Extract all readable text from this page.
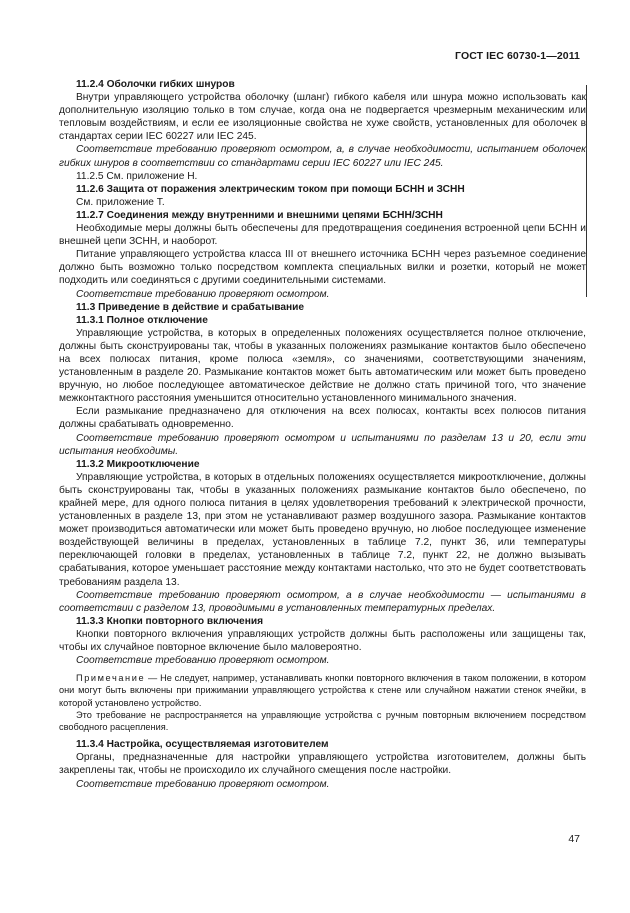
ГОСТ IEC 60730-1—2011

11.2.4 Оболочки гибких шнуров

Внутри управляющего устройства оболочку (шланг) гибкого кабеля или шнура можно использовать как дополнительную изоляцию только в том случае, когда она не подвергается чрезмерным механическим или тепловым воздействиям, и если ее изоляционные свойства не хуже свойств, установленных для оболочек в стандартах серии IEC 60227 или IEC 245.

Соответствие требованию проверяют осмотром, а, в случае необходимости, испытанием оболочек гибких шнуров в соответствии со стандартами серии IEC 60227 или IEC 245.

11.2.5 См. приложение Н.

11.2.6 Защита от поражения электрическим током при помощи БСНН и ЗСНН

См. приложение Т.

11.2.7 Соединения между внутренними и внешними цепями БСНН/ЗСНН

Необходимые меры должны быть обеспечены для предотвращения соединения встроенной цепи БСНН и внешней цепи ЗСНН, и наоборот.

Питание управляющего устройства класса III от внешнего источника БСНН через разъемное соединение должно быть возможно только посредством комплекта специальных вилки и розетки, который не может подходить или соединяться с другими соединительными системами.

Соответствие требованию проверяют осмотром.

11.3 Приведение в действие и срабатывание

11.3.1 Полное отключение

Управляющие устройства, в которых в определенных положениях осуществляется полное отключение, должны быть сконструированы так, чтобы в указанных положениях размыкание контактов было обеспечено на всех полюсах питания, кроме полюса «земля», со значениями, соответствующими значениям, установленным в разделе 20. Размыкание контактов может быть автоматическим или может быть проведено вручную, но любое последующее автоматическое действие не должно стать причиной того, что значение межконтактного расстояния уменьшится относительно установленного минимального значения.

Если размыкание предназначено для отключения на всех полюсах, контакты всех полюсов питания должны срабатывать одновременно.

Соответствие требованию проверяют осмотром и испытаниями по разделам 13 и 20, если эти испытания необходимы.

11.3.2 Микроотключение

Управляющие устройства, в которых в отдельных положениях осуществляется микроотключение, должны быть сконструированы так, чтобы в указанных положениях размыкание контактов было обеспечено, по крайней мере, для одного полюса питания в целях удовлетворения требований к электрической прочности, установленных в разделе 13, при этом не устанавливают размер воздушного зазора. Размыкание контактов может производиться автоматически или может быть проведено вручную, но любое последующее изменение воздействующей величины в пределах, установленных в таблице 7.2, пункт 36, или температуры переключающей головки в пределах, установленных в таблице 7.2, пункт 22, не должно вызывать срабатывания, которое уменьшает расстояние между контактами настолько, что это не будет соответствовать требованиям раздела 13.

Соответствие требованию проверяют осмотром, а в случае необходимости — испытаниями в соответствии с разделом 13, проводимыми в установленных температурных пределах.

11.3.3 Кнопки повторного включения

Кнопки повторного включения управляющих устройств должны быть расположены или защищены так, чтобы их случайное повторное включение было маловероятно.

Соответствие требованию проверяют осмотром.

Примечание — Не следует, например, устанавливать кнопки повторного включения в таком положении, в котором они могут быть включены при прижимании управляющего устройства к стене или случайном нажатии стенок ячейки, в которой установлено устройство.

Это требование не распространяется на управляющие устройства с ручным повторным включением посредством свободного расцепления.

11.3.4 Настройка, осуществляемая изготовителем

Органы, предназначенные для настройки управляющего устройства изготовителем, должны быть закреплены так, чтобы не происходило их случайного смещения после настройки.

Соответствие требованию проверяют осмотром.

47
